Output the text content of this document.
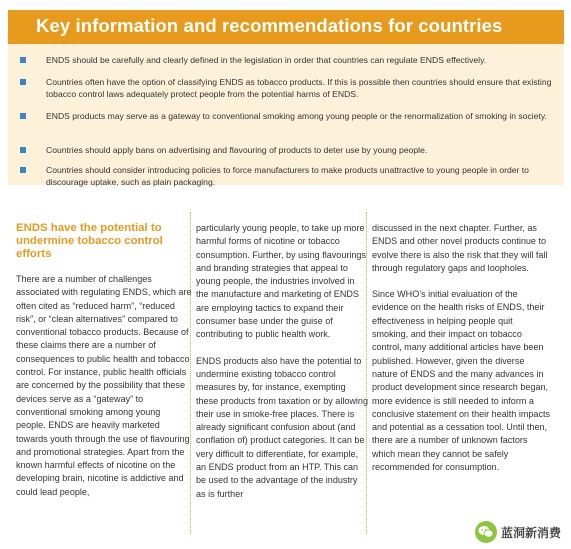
Key information and recommendations for countries
ENDS should be carefully and clearly defined in the legislation in order that countries can regulate ENDS effectively.
Countries often have the option of classifying ENDS as tobacco products. If this is possible then countries should ensure that existing tobacco control laws adequately protect people from the potential harms of ENDS.
ENDS products may serve as a gateway to conventional smoking among young people or the renormalization of smoking in society.
Countries should apply bans on advertising and flavouring of products to deter use by young people.
Countries should consider introducing policies to force manufacturers to make products unattractive to young people in order to discourage uptake, such as plain packaging.
ENDS have the potential to undermine tobacco control efforts

There are a number of challenges associated with regulating ENDS, which are often cited as “reduced harm”, “reduced risk”, or “clean alternatives” compared to conventional tobacco products. Because of these claims there are a number of consequences to public health and tobacco control. For instance, public health officials are concerned by the possibility that these devices serve as a “gateway” to conventional smoking among young people. ENDS are heavily marketed towards youth through the use of flavouring and promotional strategies. Apart from the known harmful effects of nicotine on the developing brain, nicotine is addictive and could lead people,

particularly young people, to take up more harmful forms of nicotine or tobacco consumption. Further, by using flavourings and branding strategies that appeal to young people, the industries involved in the manufacture and marketing of ENDS are employing tactics to expand their consumer base under the guise of contributing to public health work.

ENDS products also have the potential to undermine existing tobacco control measures by, for instance, exempting these products from taxation or by allowing their use in smoke-free places. There is already significant confusion about (and conflation of) product categories. It can be very difficult to differentiate, for example, an ENDS product from an HTP. This can be used to the advantage of the industry as is further

discussed in the next chapter. Further, as ENDS and other novel products continue to evolve there is also the risk that they will fall through regulatory gaps and loopholes.

Since WHO’s initial evaluation of the evidence on the health risks of ENDS, their effectiveness in helping people quit smoking, and their impact on tobacco control, many additional articles have been published. However, given the diverse nature of ENDS and the many advances in product development since research began, more evidence is still needed to inform a conclusive statement on their health impacts and potential as a cessation tool. Until then, there are a number of unknown factors which mean they cannot be safely recommended for consumption.

蓝洞新消费
